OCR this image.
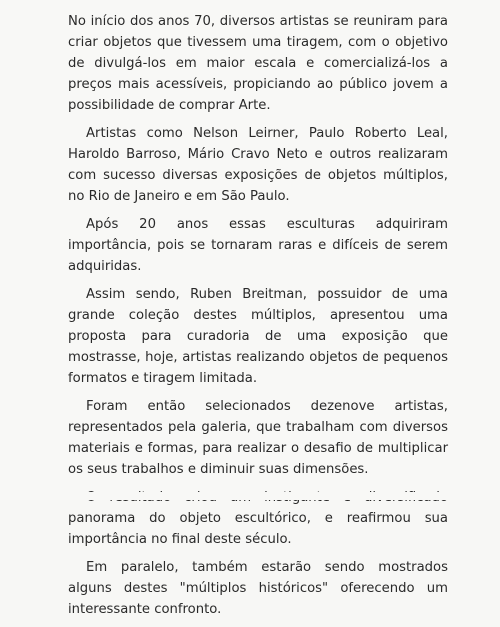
No início dos anos 70, diversos artistas se reuniram para criar objetos que tivessem uma tiragem, com o objetivo de divulgá-los em maior escala e comercializá-los a preços mais acessíveis, propiciando ao público jovem a possibilidade de comprar Arte.

Artistas como Nelson Leirner, Paulo Roberto Leal, Haroldo Barroso, Mário Cravo Neto e outros realizaram com sucesso diversas exposições de objetos múltiplos, no Rio de Janeiro e em São Paulo.

Após 20 anos essas esculturas adquiriram importância, pois se tornaram raras e difíceis de serem adquiridas.

Assim sendo, Ruben Breitman, possuidor de uma grande coleção destes múltiplos, apresentou uma proposta para curadoria de uma exposição que mostrasse, hoje, artistas realizando objetos de pequenos formatos e tiragem limitada.

Foram então selecionados dezenove artistas, representados pela galeria, que trabalham com diversos materiais e formas, para realizar o desafio de multiplicar os seus trabalhos e diminuir suas dimensões.

panorama do objeto escultórico, e reafirmou sua importância no final deste século.

Em paralelo, também estarão sendo mostrados alguns destes "múltiplos históricos" oferecendo um interessante confronto.
